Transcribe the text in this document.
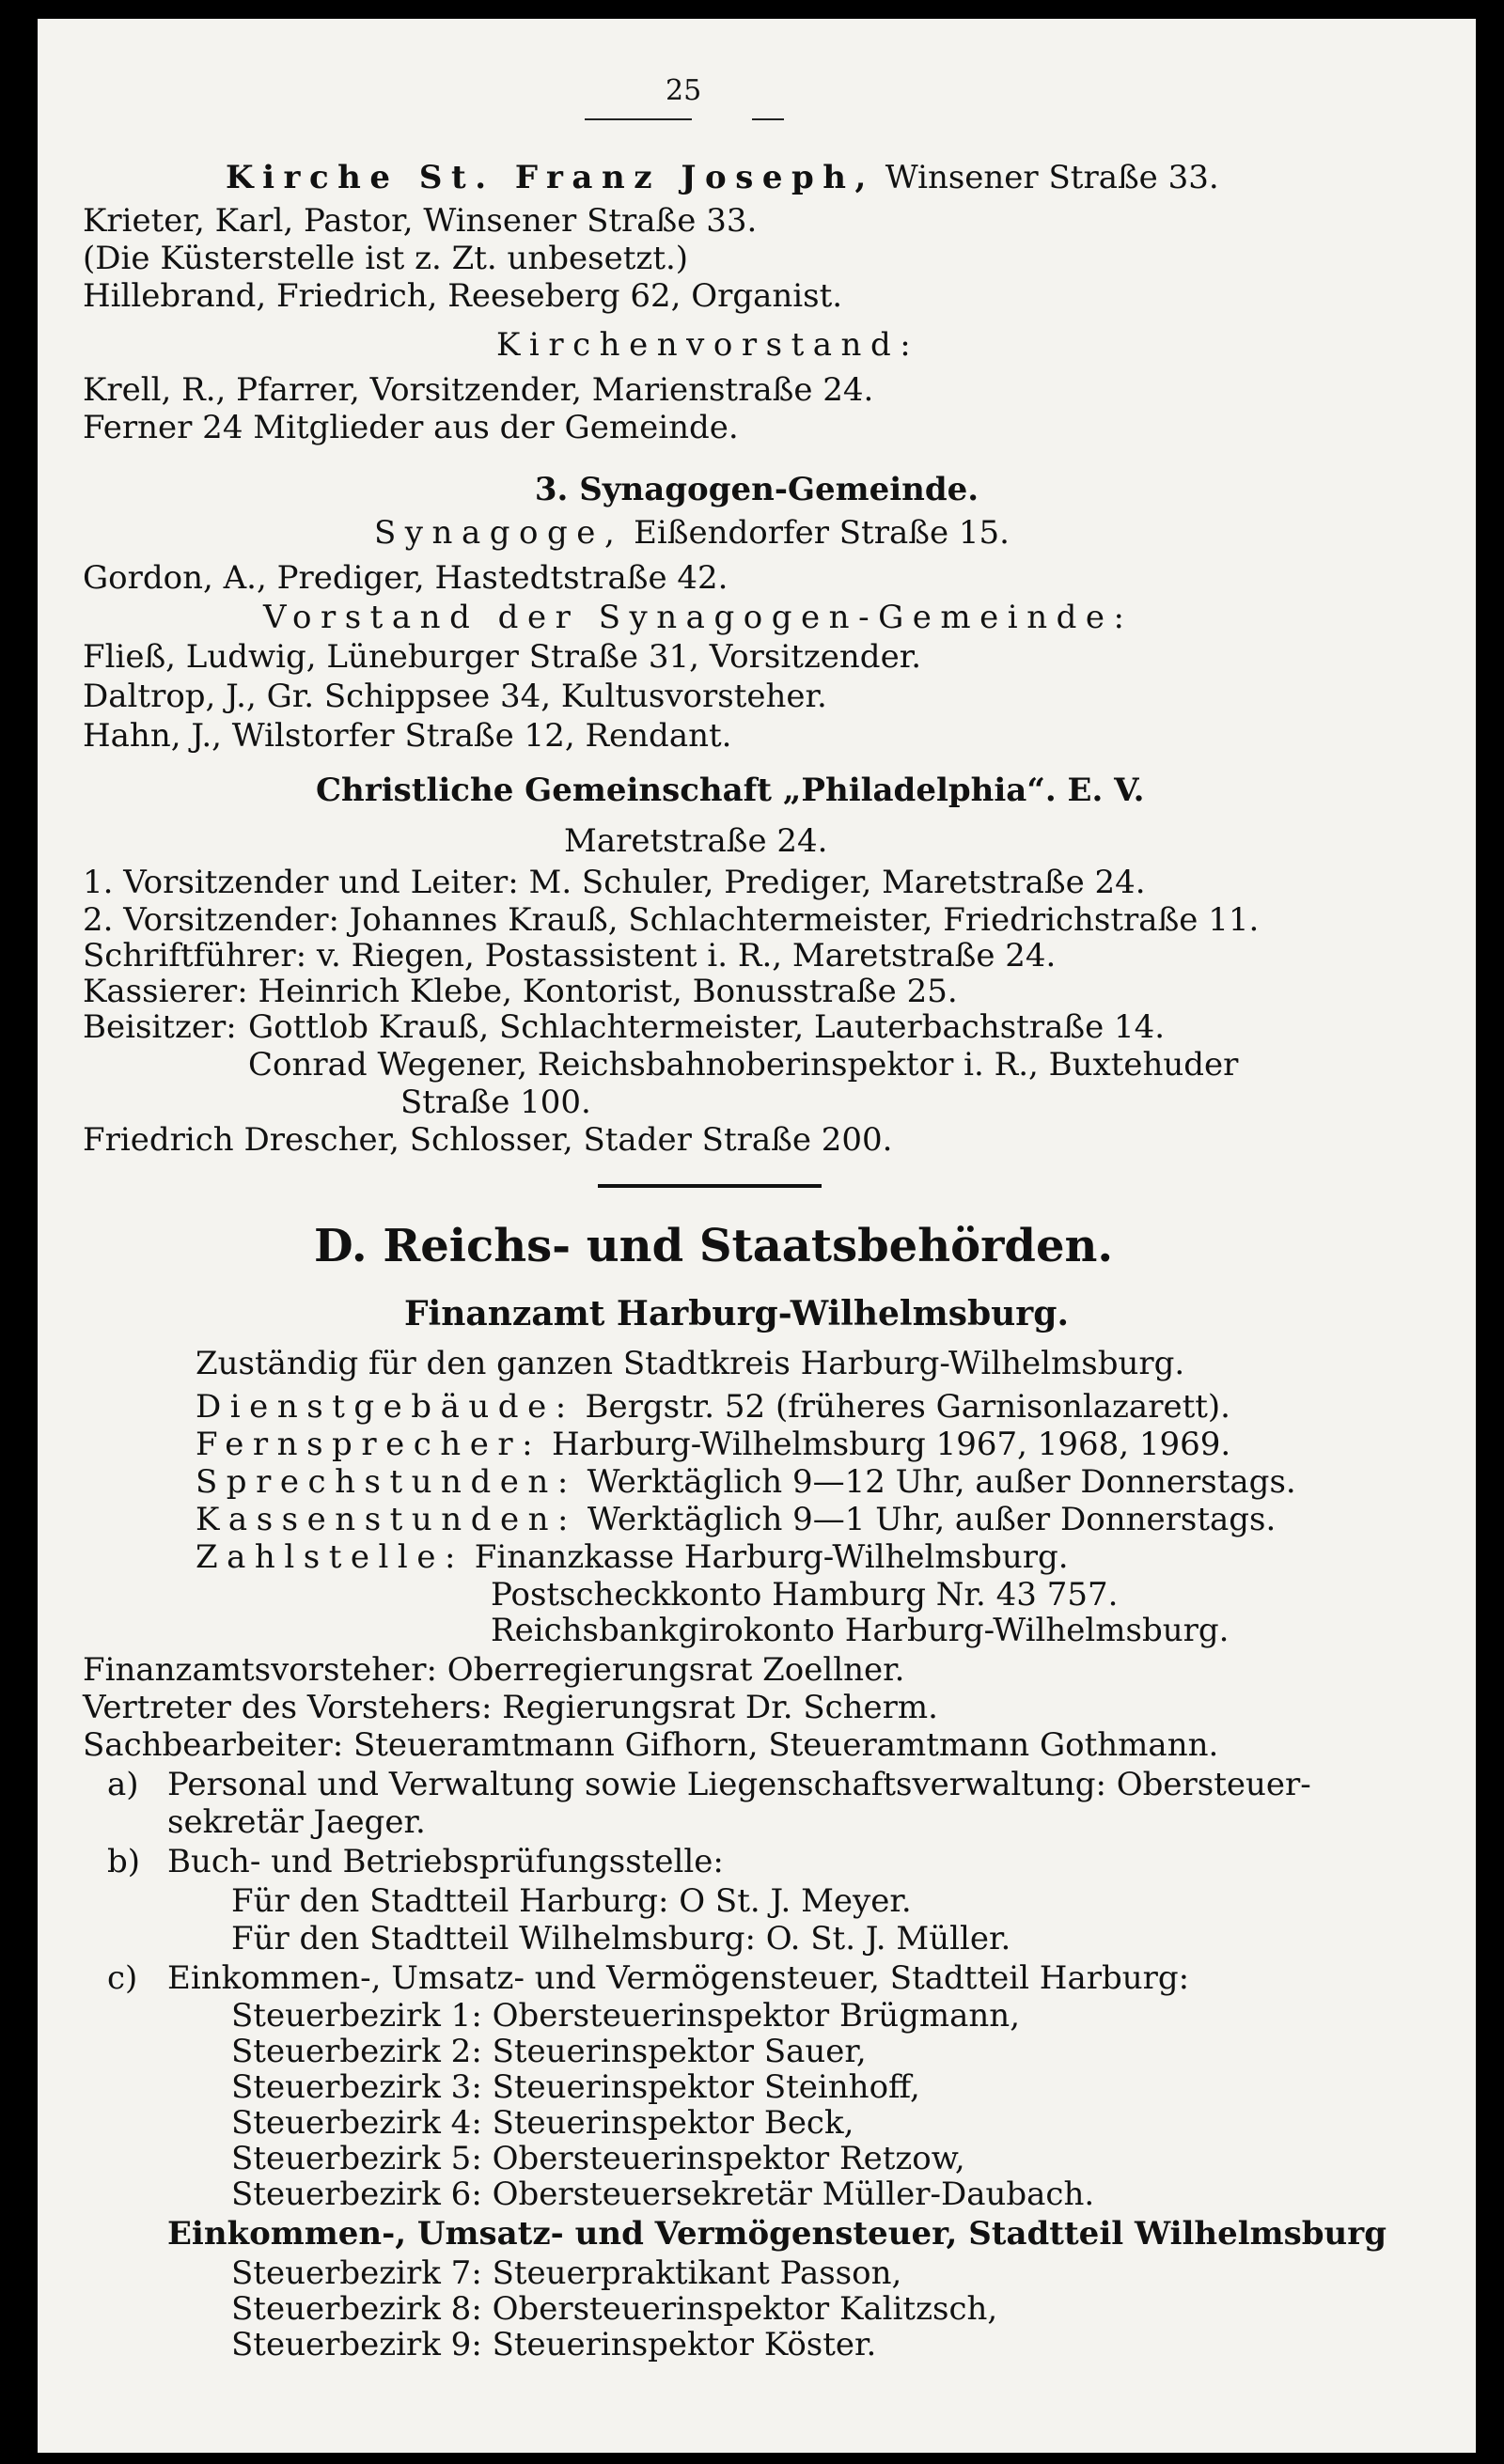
25
Kirche St. Franz Joseph, Winsener Straße 33.
Krieter, Karl, Pastor, Winsener Straße 33.
(Die Küsterstelle ist z. Zt. unbesetzt.)
Hillebrand, Friedrich, Reeseberg 62, Organist.
Kirchenvorstand:
Krell, R., Pfarrer, Vorsitzender, Marienstraße 24.
Ferner 24 Mitglieder aus der Gemeinde.
3. Synagogen-Gemeinde.
Synagoge, Eißendorfer Straße 15.
Gordon, A., Prediger, Hastedtstraße 42.
Vorstand der Synagogen-Gemeinde:
Fließ, Ludwig, Lüneburger Straße 31, Vorsitzender.
Daltrop, J., Gr. Schippsee 34, Kultusvorsteher.
Hahn, J., Wilstorfer Straße 12, Rendant.
Christliche Gemeinschaft „Philadelphia“. E. V.
Maretstraße 24.
1. Vorsitzender und Leiter: M. Schuler, Prediger, Maretstraße 24.
2. Vorsitzender: Johannes Krauß, Schlachtermeister, Friedrichstraße 11.
Schriftführer: v. Riegen, Postassistent i. R., Maretstraße 24.
Kassierer: Heinrich Klebe, Kontorist, Bonusstraße 25.
Beisitzer: Gottlob Krauß, Schlachtermeister, Lauterbachstraße 14.
Conrad Wegener, Reichsbahnoberinspektor i. R., Buxtehuder
Straße 100.
Friedrich Drescher, Schlosser, Stader Straße 200.
D. Reichs- und Staatsbehörden.
Finanzamt Harburg-Wilhelmsburg.
Zuständig für den ganzen Stadtkreis Harburg-Wilhelmsburg.
Dienstgebäude: Bergstr. 52 (früheres Garnisonlazarett).
Fernsprecher: Harburg-Wilhelmsburg 1967, 1968, 1969.
Sprechstunden: Werktäglich 9—12 Uhr, außer Donnerstags.
Kassenstunden: Werktäglich 9—1 Uhr, außer Donnerstags.
Zahlstelle: Finanzkasse Harburg-Wilhelmsburg.
Postscheckkonto Hamburg Nr. 43 757.
Reichsbankgirokonto Harburg-Wilhelmsburg.
Finanzamtsvorsteher: Oberregierungsrat Zoellner.
Vertreter des Vorstehers: Regierungsrat Dr. Scherm.
Sachbearbeiter: Steueramtmann Gifhorn, Steueramtmann Gothmann.
a) Personal und Verwaltung sowie Liegenschaftsverwaltung: Obersteuer-
sekretär Jaeger.
b) Buch- und Betriebsprüfungsstelle:
Für den Stadtteil Harburg: O St. J. Meyer.
Für den Stadtteil Wilhelmsburg: O. St. J. Müller.
c) Einkommen-, Umsatz- und Vermögensteuer, Stadtteil Harburg:
Steuerbezirk 1: Obersteuerinspektor Brügmann,
Steuerbezirk 2: Steuerinspektor Sauer,
Steuerbezirk 3: Steuerinspektor Steinhoff,
Steuerbezirk 4: Steuerinspektor Beck,
Steuerbezirk 5: Obersteuerinspektor Retzow,
Steuerbezirk 6: Obersteuersekretär Müller-Daubach.
Einkommen-, Umsatz- und Vermögensteuer, Stadtteil Wilhelmsburg
Steuerbezirk 7: Steuerpraktikant Passon,
Steuerbezirk 8: Obersteuerinspektor Kalitzsch,
Steuerbezirk 9: Steuerinspektor Köster.
